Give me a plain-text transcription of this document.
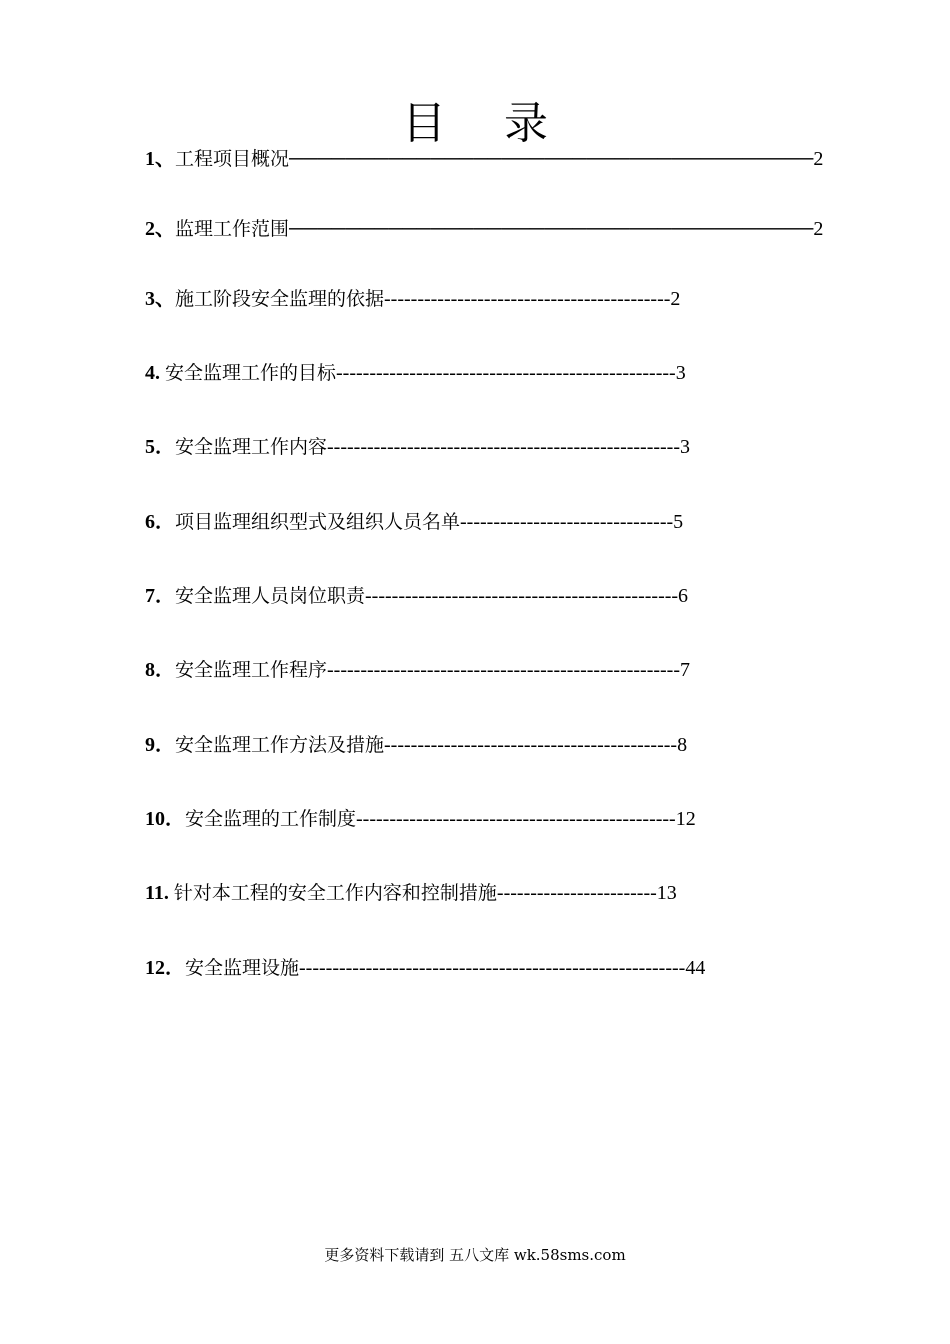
目 录
1、工程项目概况─────────────────────────────────────2
2、监理工作范围─────────────────────────────────────2
3、施工阶段安全监理的依据-------------------------------------------2
4. 安全监理工作的目标---------------------------------------------------3
5．安全监理工作内容-----------------------------------------------------3
6．项目监理组织型式及组织人员名单--------------------------------5
7．安全监理人员岗位职责-----------------------------------------------6
8．安全监理工作程序-----------------------------------------------------7
9．安全监理工作方法及措施--------------------------------------------8
10．安全监理的工作制度------------------------------------------------12
11. 针对本工程的安全工作内容和控制措施------------------------13
12．安全监理设施----------------------------------------------------------44
更多资料下载请到 五八文库 wk.58sms.com
